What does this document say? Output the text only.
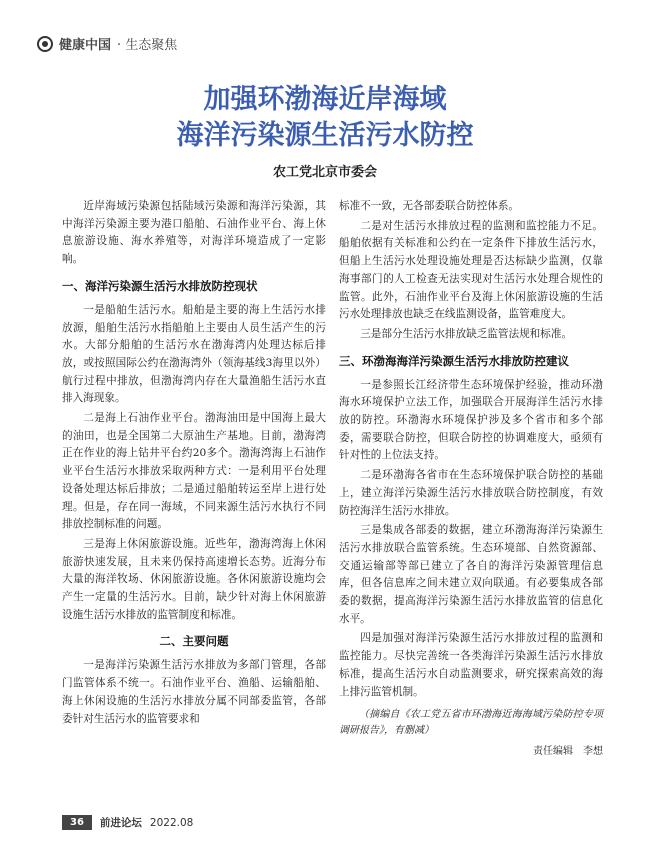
健康中国 · 生态聚焦
加强环渤海近岸海域
海洋污染源生活污水防控
农工党北京市委会

近岸海域污染源包括陆域污染源和海洋污染源，其中海洋污染源主要为港口船舶、石油作业平台、海上休息旅游设施、海水养殖等，对海洋环境造成了一定影响。

一、海洋污染源生活污水排放防控现状

一是船舶生活污水。船舶是主要的海上生活污水排放源，船舶生活污水指船舶上主要由人员生活产生的污水。大部分船舶的生活污水在渤海湾内处理达标后排放，或按照国际公约在渤海湾外（领海基线3海里以外）航行过程中排放，但渤海湾内存在大量渔船生活污水直排入海现象。

二是海上石油作业平台。渤海油田是中国海上最大的油田，也是全国第二大原油生产基地。目前，渤海湾正在作业的海上钻井平台约20多个。渤海湾海上石油作业平台生活污水排放采取两种方式：一是利用平台处理设备处理达标后排放；二是通过船舶转运至岸上进行处理。但是，存在同一海域，不同来源生活污水执行不同排放控制标准的问题。

三是海上休闲旅游设施。近些年，渤海湾海上休闲旅游快速发展，且未来仍保持高速增长态势。近海分布大量的海洋牧场、休闲旅游设施。各休闲旅游设施均会产生一定量的生活污水。目前，缺少针对海上休闲旅游设施生活污水排放的监管制度和标准。

二、主要问题

一是海洋污染源生活污水排放为多部门管理，各部门监管体系不统一。石油作业平台、渔船、运输船舶、海上休闲设施的生活污水排放分属不同部委监管，各部委针对生活污水的监管要求和

标准不一致，无各部委联合防控体系。

二是对生活污水排放过程的监测和监控能力不足。船舶依据有关标准和公约在一定条件下排放生活污水，但船上生活污水处理设施处理是否达标缺少监测，仅靠海事部门的人工检查无法实现对生活污水处理合规性的监管。此外，石油作业平台及海上休闲旅游设施的生活污水处理排放也缺乏在线监测设备，监管难度大。

三是部分生活污水排放缺乏监管法规和标准。

三、环渤海海洋污染源生活污水排放防控建议

一是参照长江经济带生态环境保护经验，推动环渤海水环境保护立法工作，加强联合开展海洋生活污水排放的防控。环渤海水环境保护涉及多个省市和多个部委，需要联合防控，但联合防控的协调难度大，亟须有针对性的上位法支持。

二是环渤海各省市在生态环境保护联合防控的基础上，建立海洋污染源生活污水排放联合防控制度，有效防控海洋生活污水排放。

三是集成各部委的数据，建立环渤海海洋污染源生活污水排放联合监管系统。生态环境部、自然资源部、交通运输部等部已建立了各自的海洋污染源管理信息库，但各信息库之间未建立双向联通。有必要集成各部委的数据，提高海洋污染源生活污水排放监管的信息化水平。

四是加强对海洋污染源生活污水排放过程的监测和监控能力。尽快完善统一各类海洋污染源生活污水排放标准，提高生活污水自动监测要求，研究探索高效的海上排污监管机制。

（摘编自《农工党五省市环渤海近海海域污染防控专项调研报告》，有删减）

责任编辑　李想
36	前进论坛 2022.08
